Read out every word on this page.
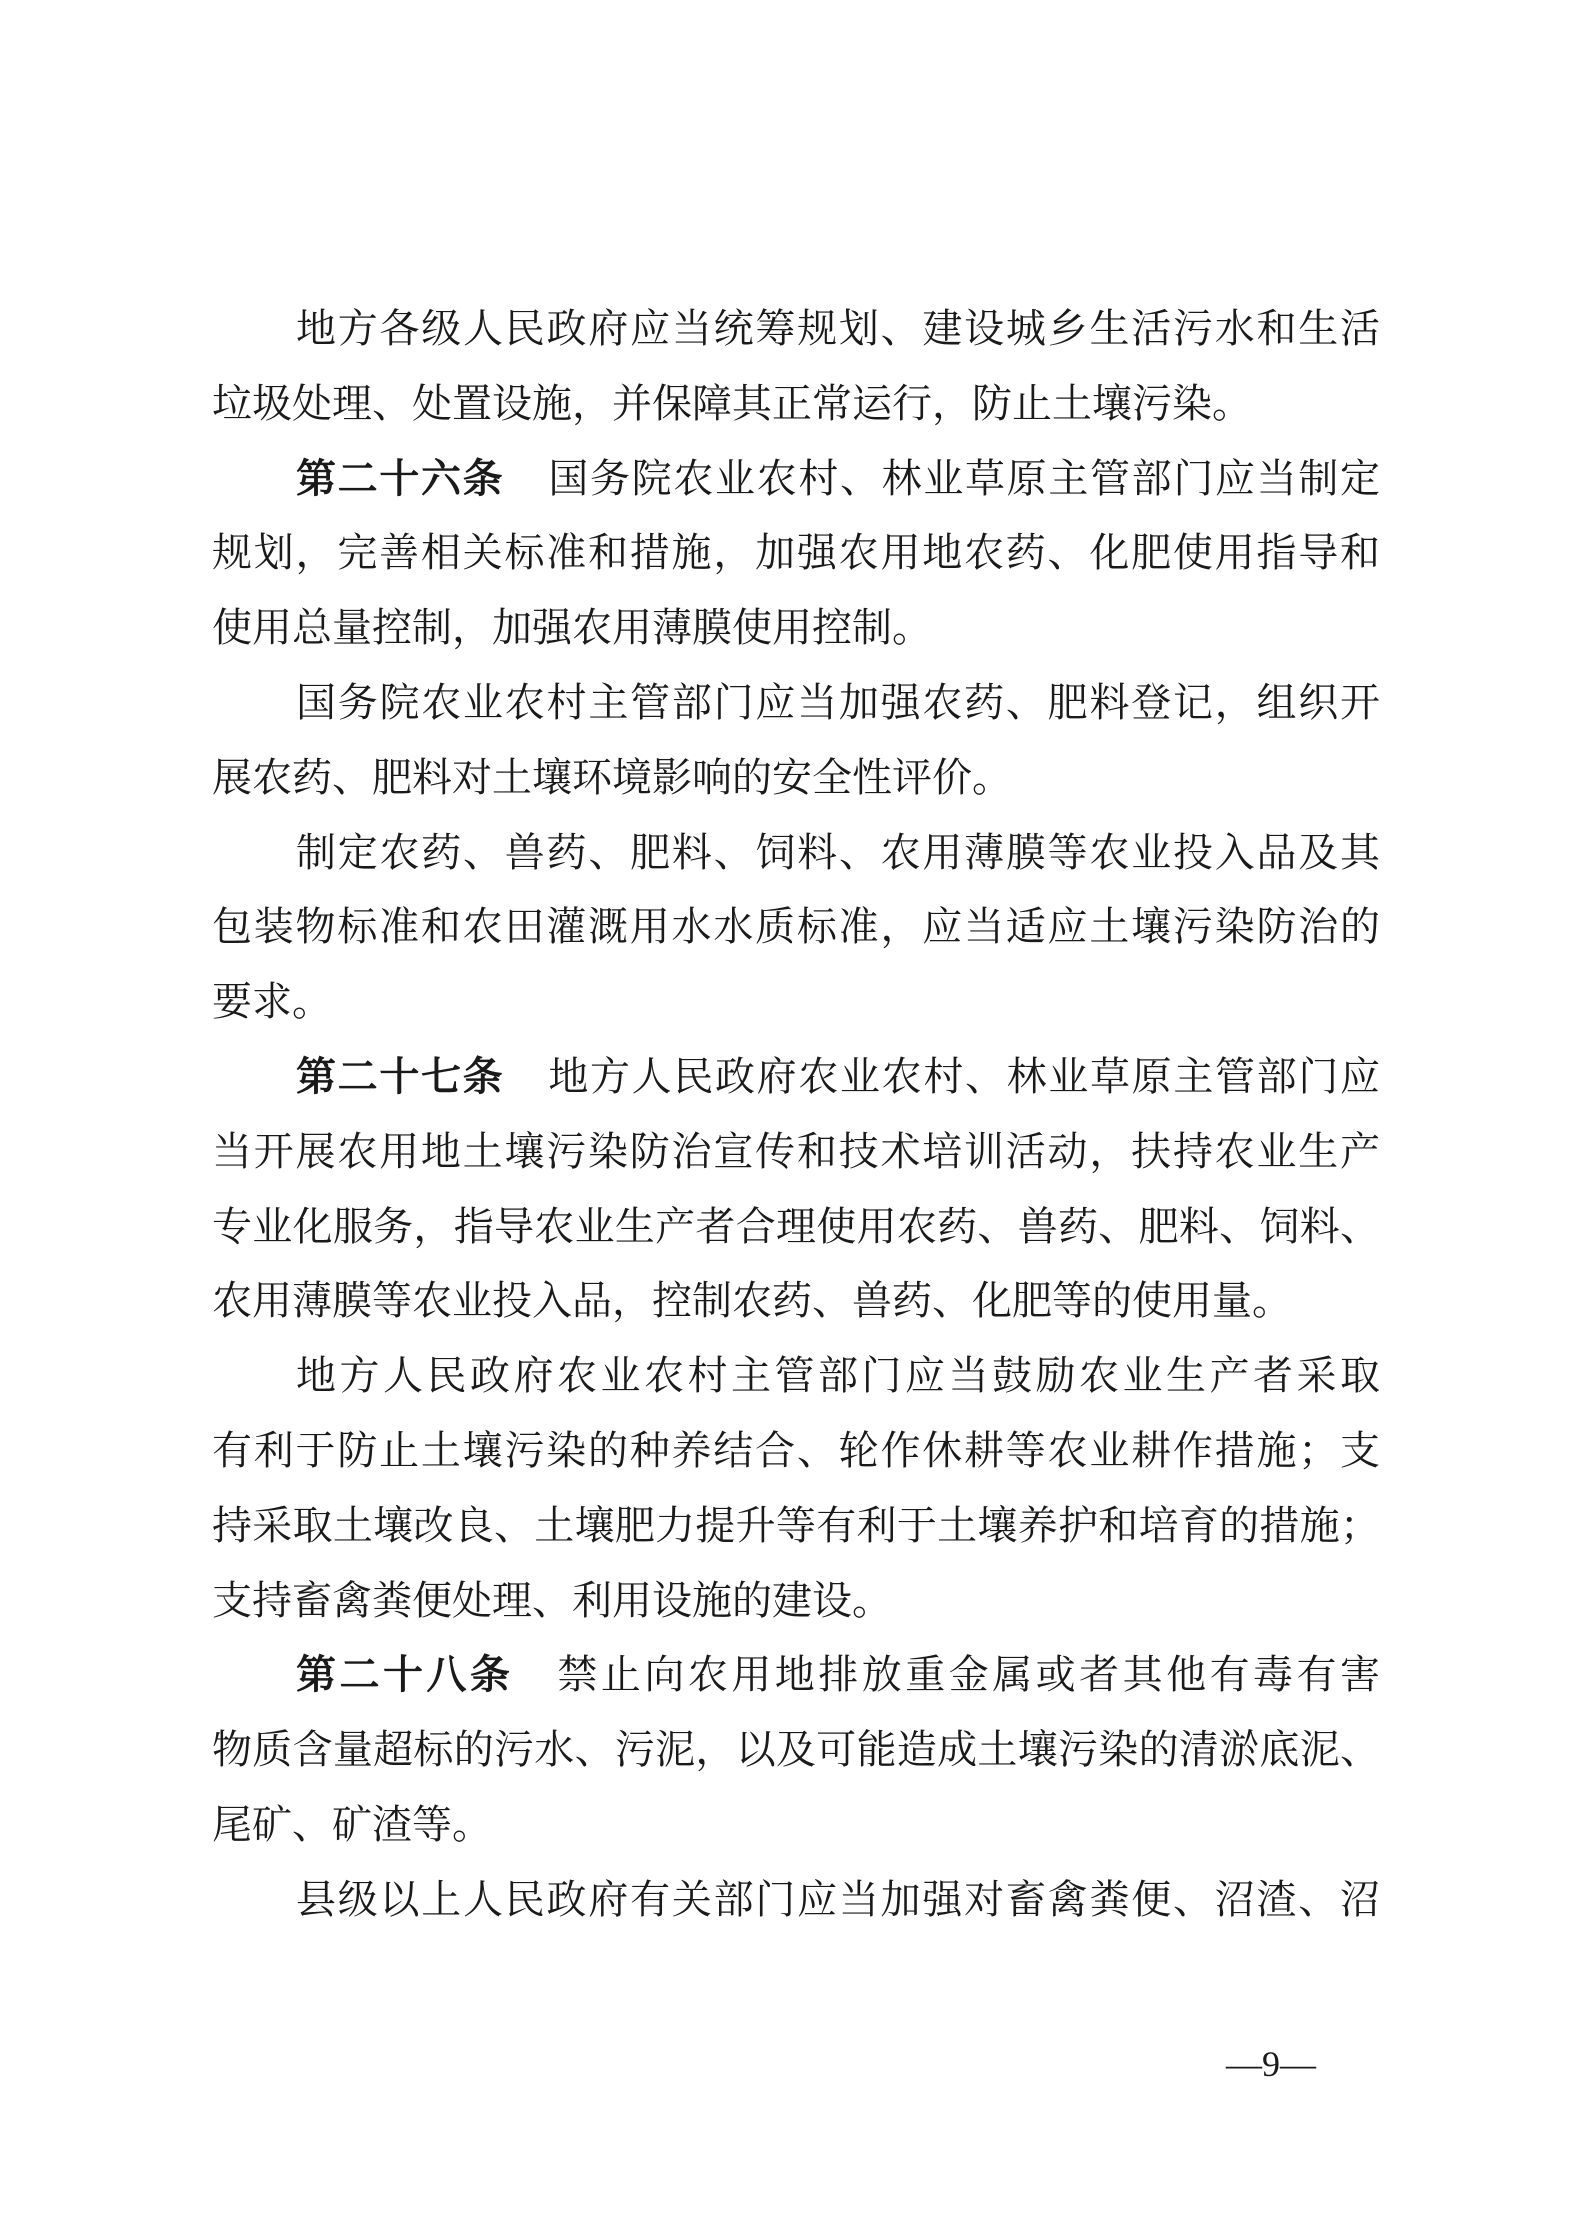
地方各级人民政府应当统筹规划、建设城乡生活污水和生活
垃圾处理、处置设施，并保障其正常运行，防止土壤污染。
第二十六条 国务院农业农村、林业草原主管部门应当制定
规划，完善相关标准和措施，加强农用地农药、化肥使用指导和
使用总量控制，加强农用薄膜使用控制。
国务院农业农村主管部门应当加强农药、肥料登记，组织开
展农药、肥料对土壤环境影响的安全性评价。
制定农药、兽药、肥料、饲料、农用薄膜等农业投入品及其
包装物标准和农田灌溉用水水质标准，应当适应土壤污染防治的
要求。
第二十七条 地方人民政府农业农村、林业草原主管部门应
当开展农用地土壤污染防治宣传和技术培训活动，扶持农业生产
专业化服务，指导农业生产者合理使用农药、兽药、肥料、饲料、
农用薄膜等农业投入品，控制农药、兽药、化肥等的使用量。
地方人民政府农业农村主管部门应当鼓励农业生产者采取
有利于防止土壤污染的种养结合、轮作休耕等农业耕作措施；支
持采取土壤改良、土壤肥力提升等有利于土壤养护和培育的措施；
支持畜禽粪便处理、利用设施的建设。
第二十八条 禁止向农用地排放重金属或者其他有毒有害
物质含量超标的污水、污泥，以及可能造成土壤污染的清淤底泥、
尾矿、矿渣等。
县级以上人民政府有关部门应当加强对畜禽粪便、沼渣、沼
—9—
